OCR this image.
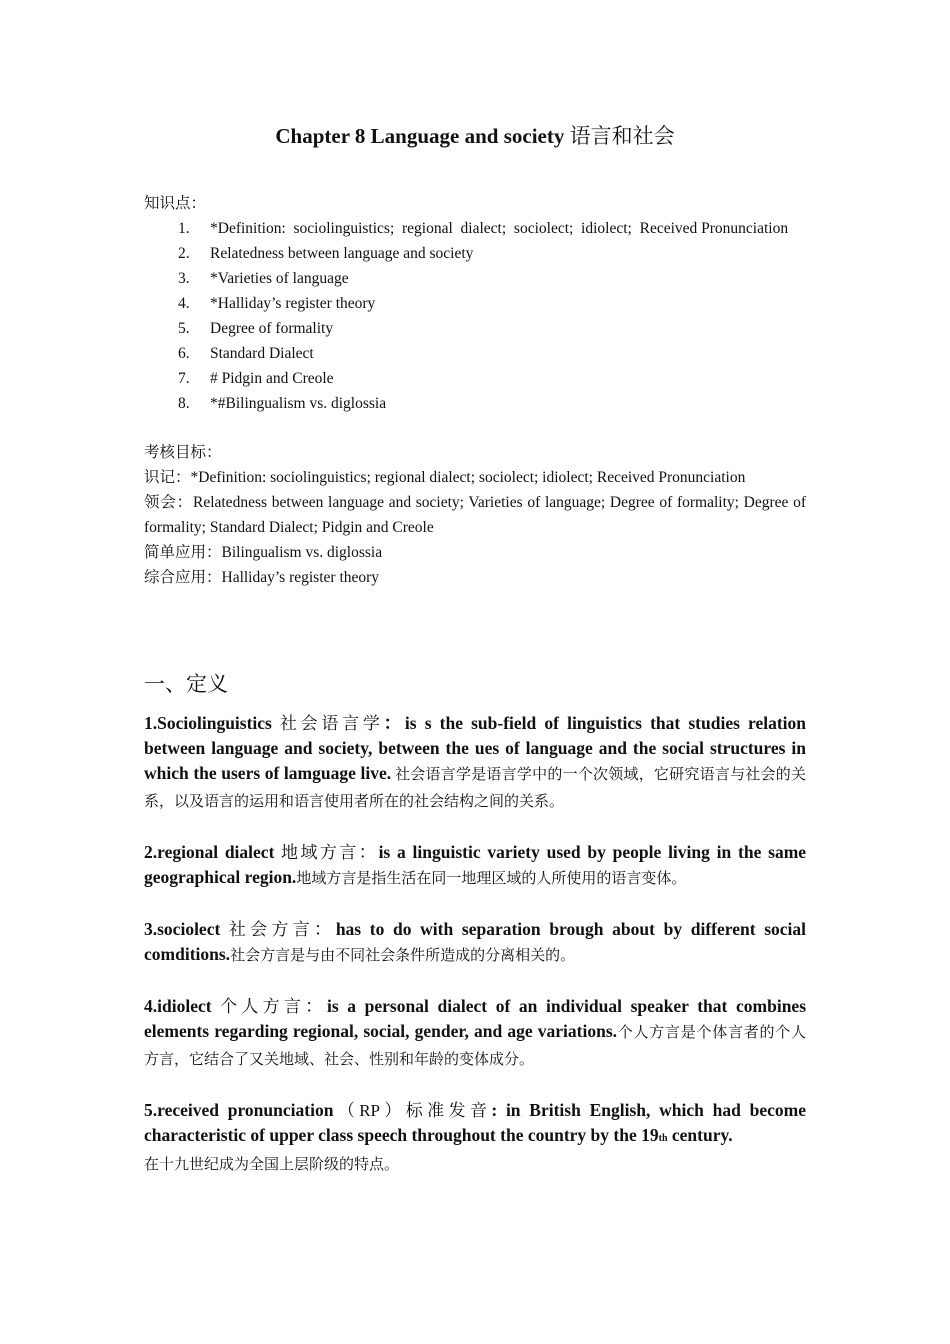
Chapter 8 Language and society 语言和社会

知识点：

1.	*Definition:  sociolinguistics;  regional  dialect;  sociolect;  idiolect;  Received Pronunciation
2.	Relatedness between language and society
3.	*Varieties of language
4.	*Halliday’s register theory
5.	Degree of formality
6.	Standard Dialect
7.	# Pidgin and Creole
8.	*#Bilingualism vs. diglossia

考核目标：

识记：*Definition: sociolinguistics; regional dialect; sociolect; idiolect; Received Pronunciation

领会：Relatedness between language and society; Varieties of language; Degree of formality; Degree of formality; Standard Dialect; Pidgin and Creole

简单应用：Bilingualism vs. diglossia

综合应用：Halliday’s register theory

一、定义

1.Sociolinguistics 社会语言学：is s the sub-field of linguistics that studies relation between language and society, between the ues of language and the social structures in which the users of lamguage live. 社会语言学是语言学中的一个次领域，它研究语言与社会的关系，以及语言的运用和语言使用者所在的社会结构之间的关系。

2.regional dialect 地域方言：is a linguistic variety used by people living in the same geographical region.地域方言是指生活在同一地理区域的人所使用的语言变体。

3.sociolect 社会方言：has to do with separation brough about by different social comditions.社会方言是与由不同社会条件所造成的分离相关的。

4.idiolect 个人方言：is a personal dialect of an individual speaker that combines elements regarding regional, social, gender, and age variations.个人方言是个体言者的个人方言，它结合了又关地域、社会、性别和年龄的变体成分。

5.received pronunciation（RP）标准发音: in British English, which had become characteristic of upper class speech throughout the country by the 19th century.
在十九世纪成为全国上层阶级的特点。
